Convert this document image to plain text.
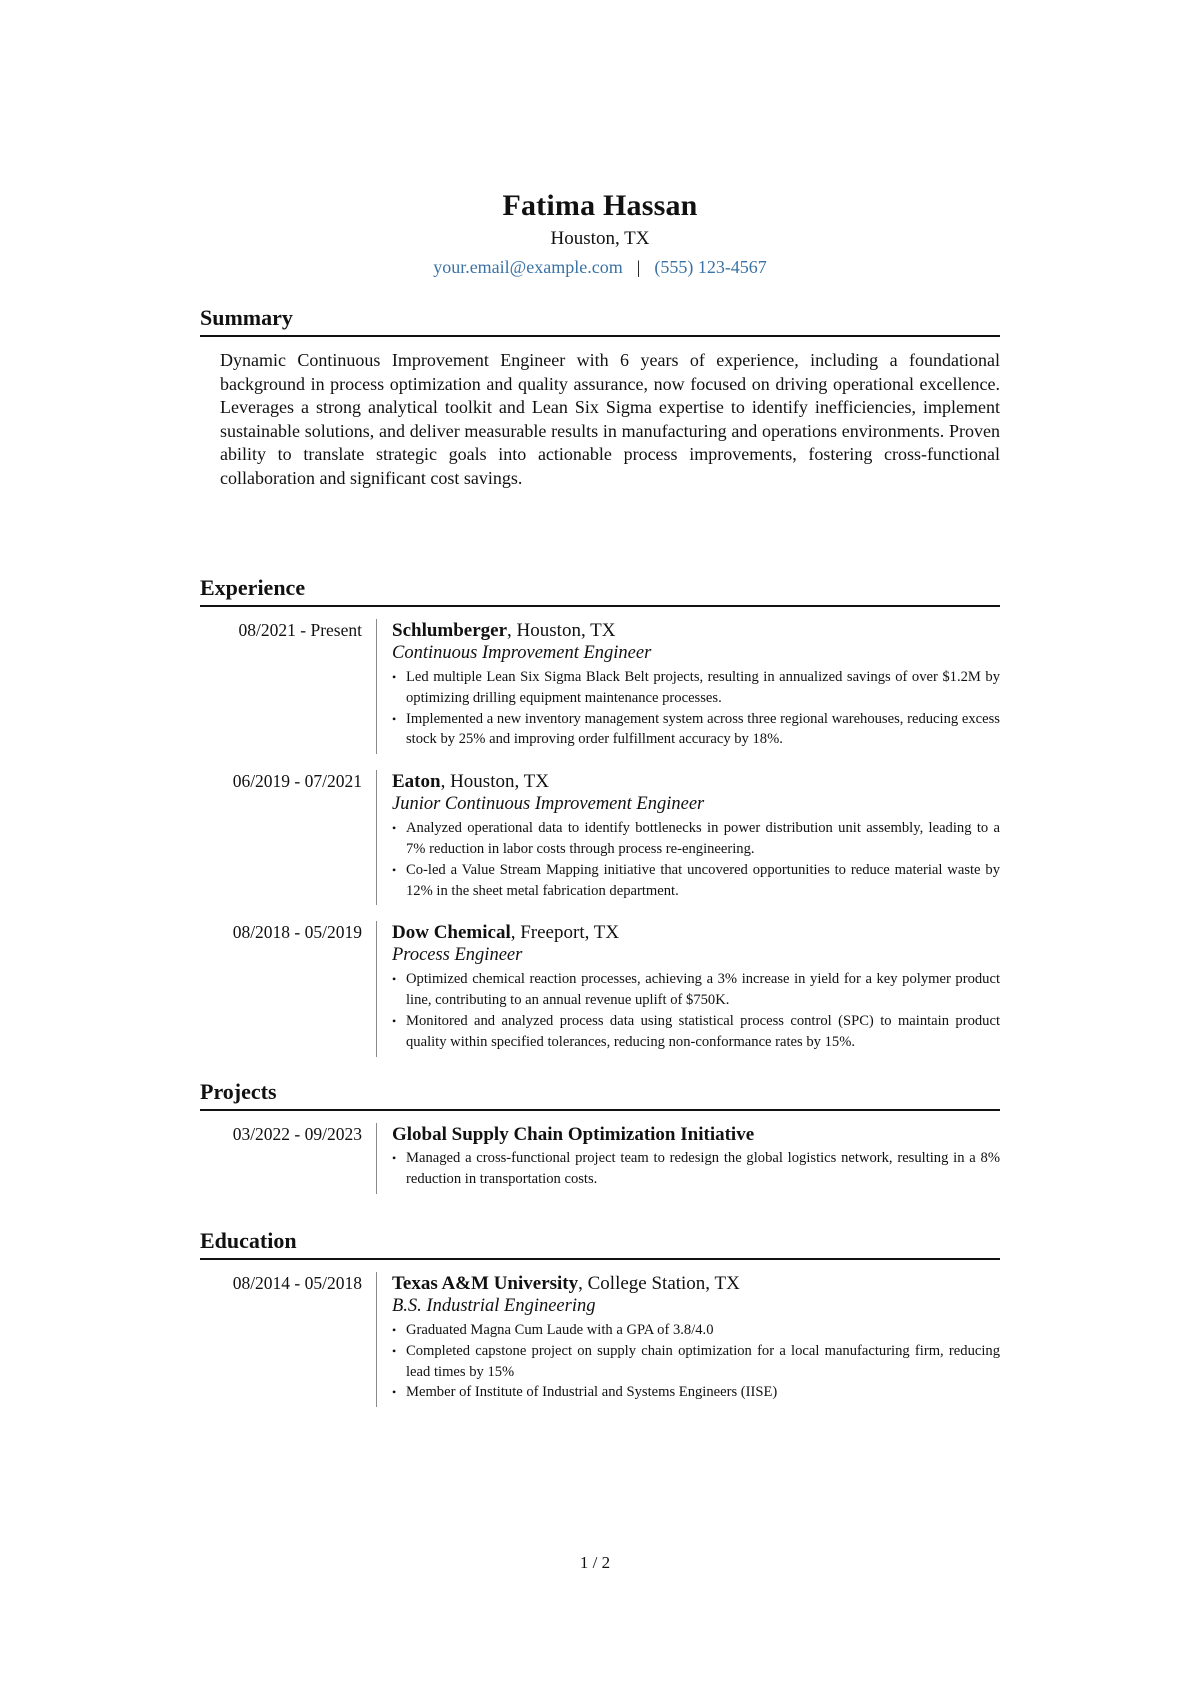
Fatima Hassan
Houston, TX
your.email@example.com | (555) 123-4567
Summary

Dynamic Continuous Improvement Engineer with 6 years of experience, including a foundational background in process optimization and quality assurance, now focused on driving operational excellence. Leverages a strong analytical toolkit and Lean Six Sigma expertise to identify inefficiencies, implement sustainable solutions, and deliver measurable results in manufacturing and operations environments. Proven ability to translate strategic goals into actionable process improvements, fostering cross-functional collaboration and significant cost savings.

Experience
08/2021 - Present	Schlumberger, Houston, TX
Continuous Improvement Engineer
• Led multiple Lean Six Sigma Black Belt projects, resulting in annualized savings of over $1.2M by optimizing drilling equipment maintenance processes.
• Implemented a new inventory management system across three regional warehouses, reducing excess stock by 25% and improving order fulfillment accuracy by 18%.
06/2019 - 07/2021	Eaton, Houston, TX
Junior Continuous Improvement Engineer
• Analyzed operational data to identify bottlenecks in power distribution unit assembly, leading to a 7% reduction in labor costs through process re-engineering.
• Co-led a Value Stream Mapping initiative that uncovered opportunities to reduce material waste by 12% in the sheet metal fabrication department.
08/2018 - 05/2019	Dow Chemical, Freeport, TX
Process Engineer
• Optimized chemical reaction processes, achieving a 3% increase in yield for a key polymer product line, contributing to an annual revenue uplift of $750K.
• Monitored and analyzed process data using statistical process control (SPC) to maintain product quality within specified tolerances, reducing non-conformance rates by 15%.
Projects
03/2022 - 09/2023	Global Supply Chain Optimization Initiative
• Managed a cross-functional project team to redesign the global logistics network, resulting in a 8% reduction in transportation costs.
Education
08/2014 - 05/2018	Texas A&M University, College Station, TX
B.S. Industrial Engineering
• Graduated Magna Cum Laude with a GPA of 3.8/4.0
• Completed capstone project on supply chain optimization for a local manufacturing firm, reducing lead times by 15%
• Member of Institute of Industrial and Systems Engineers (IISE)
1 / 2
